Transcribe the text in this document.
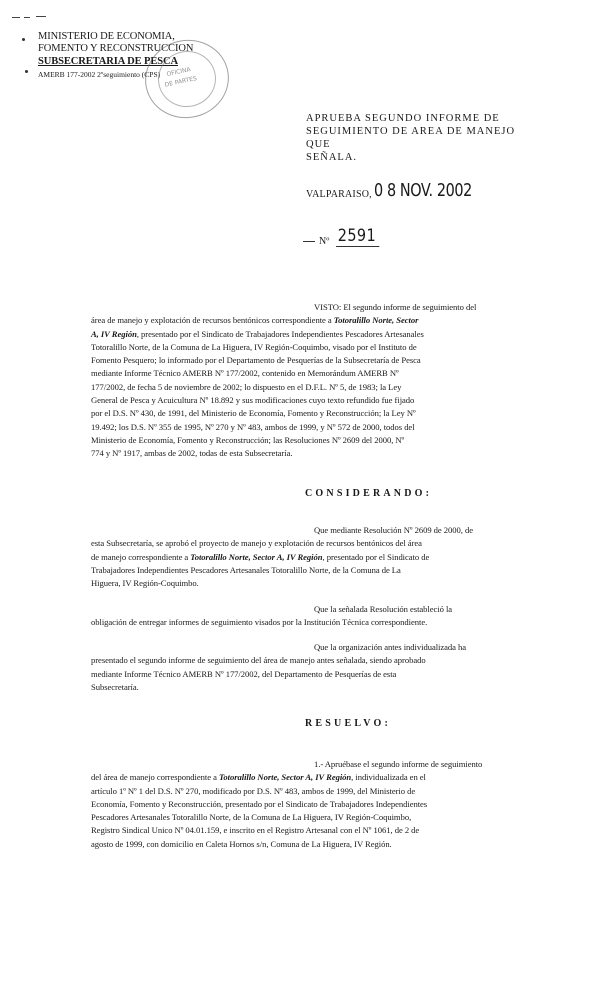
MINISTERIO DE ECONOMIA,
FOMENTO Y RECONSTRUCCION
SUBSECRETARIA DE PESCA
AMERB 177-2002 2ºseguimiento (CPS) OFICINA
DE PARTES
APRUEBA SEGUNDO INFORME DE
SEGUIMIENTO DE AREA DE MANEJO QUE
SEÑALA.
VALPARAISO, 0 8 NOV. 2002
Nº 2591
VISTO: El segundo informe de seguimiento del
área de manejo y explotación de recursos bentónicos correspondiente a Totoralillo Norte, Sector
A, IV Región, presentado por el Sindicato de Trabajadores Independientes Pescadores Artesanales
Totoralillo Norte, de la Comuna de La Higuera, IV Región-Coquimbo, visado por el Instituto de
Fomento Pesquero; lo informado por el Departamento de Pesquerías de la Subsecretaría de Pesca
mediante Informe Técnico AMERB Nº 177/2002, contenido en Memorándum AMERB Nº
177/2002, de fecha 5 de noviembre de 2002; lo dispuesto en el D.F.L. Nº 5, de 1983; la Ley
General de Pesca y Acuicultura Nº 18.892 y sus modificaciones cuyo texto refundido fue fijado
por el D.S. Nº 430, de 1991, del Ministerio de Economía, Fomento y Reconstrucción; la Ley Nº
19.492; los D.S. Nº 355 de 1995, Nº 270 y Nº 483, ambos de 1999, y Nº 572 de 2000, todos del
Ministerio de Economía, Fomento y Reconstrucción; las Resoluciones Nº 2609 del 2000, Nº
774 y Nº 1917, ambas de 2002, todas de esta Subsecretaría.
CONSIDERANDO:
Que mediante Resolución Nº 2609 de 2000, de
esta Subsecretaría, se aprobó el proyecto de manejo y explotación de recursos bentónicos del área
de manejo correspondiente a Totoralillo Norte, Sector A, IV Región, presentado por el Sindicato de
Trabajadores Independientes Pescadores Artesanales Totoralillo Norte, de la Comuna de La
Higuera, IV Región-Coquimbo.
Que la señalada Resolución estableció la
obligación de entregar informes de seguimiento visados por la Institución Técnica correspondiente.
Que la organización antes individualizada ha
presentado el segundo informe de seguimiento del área de manejo antes señalada, siendo aprobado
mediante Informe Técnico AMERB Nº 177/2002, del Departamento de Pesquerías de esta
Subsecretaría.
RESUELVO:
1.- Apruébase el segundo informe de seguimiento
del área de manejo correspondiente a Totoralillo Norte, Sector A, IV Región, individualizada en el
artículo 1º Nº 1 del D.S. Nº 270, modificado por D.S. Nº 483, ambos de 1999, del Ministerio de
Economía, Fomento y Reconstrucción, presentado por el Sindicato de Trabajadores Independientes
Pescadores Artesanales Totoralillo Norte, de la Comuna de La Higuera, IV Región-Coquimbo,
Registro Sindical Unico Nº 04.01.159, e inscrito en el Registro Artesanal con el Nº 1061, de 2 de
agosto de 1999, con domicilio en Caleta Hornos s/n, Comuna de La Higuera, IV Región.
